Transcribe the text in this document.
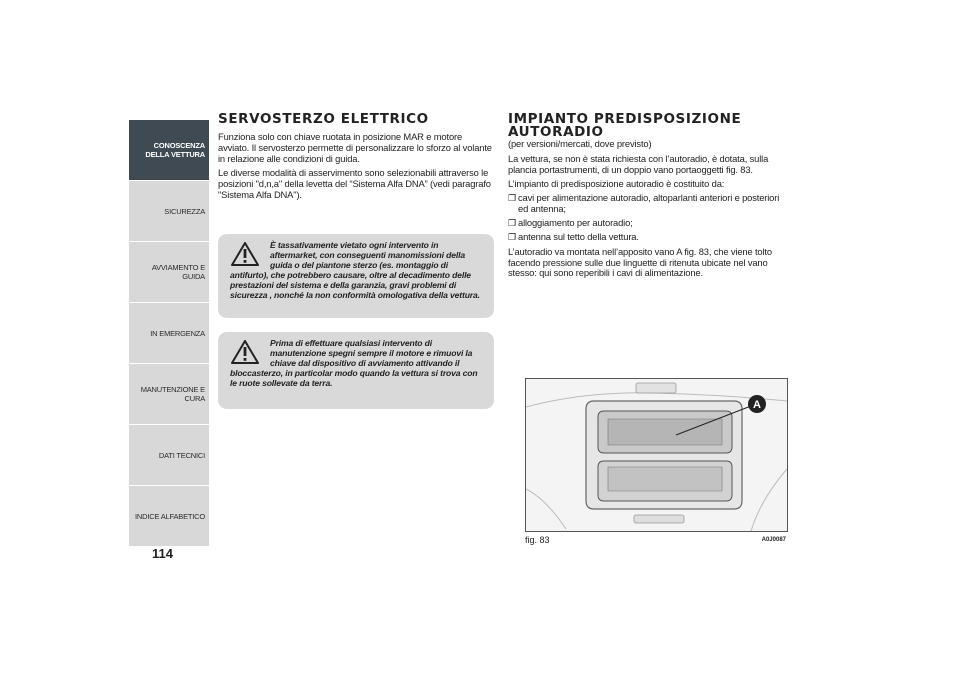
CONOSCENZA
DELLA VETTURA
SICUREZZA
AVVIAMENTO E
GUIDA
IN EMERGENZA
MANUTENZIONE E
CURA
DATI TECNICI
INDICE ALFABETICO
114
SERVOSTERZO ELETTRICO

Funziona solo con chiave ruotata in posizione MAR e motore avviato. Il servosterzo permette di personalizzare lo sforzo al volante in relazione alle condizioni di guida.

Le diverse modalità di asservimento sono selezionabili attraverso le posizioni "d,n,a" della levetta del “Sistema Alfa DNA” (vedi paragrafo "Sistema Alfa DNA").

È tassativamente vietato ogni intervento in aftermarket, con conseguenti manomissioni della guida o del piantone sterzo (es. montaggio di
antifurto), che potrebbero causare, oltre al decadimento delle prestazioni del sistema e della garanzia, gravi problemi di sicurezza , nonché la non conformità omologativa della vettura.
Prima di effettuare qualsiasi intervento di manutenzione spegni sempre il motore e rimuovi la chiave dal dispositivo di avviamento attivando il
bloccasterzo, in particolar modo quando la vettura si trova con le ruote sollevate da terra.
IMPIANTO PREDISPOSIZIONE AUTORADIO

(per versioni/mercati, dove previsto)

La vettura, se non è stata richiesta con l’autoradio, è dotata, sulla plancia portastrumenti, di un doppio vano portaoggetti fig. 83.

L’impianto di predisposizione autoradio è costituito da:

❒ cavi per alimentazione autoradio, altoparlanti anteriori e posteriori ed antenna;

❒ alloggiamento per autoradio;

❒ antenna sul tetto della vettura.

L’autoradio va montata nell’apposito vano A fig. 83, che viene tolto facendo pressione sulle due linguette di ritenuta ubicate nel vano stesso: qui sono reperibili i cavi di alimentazione.

A
fig. 83	A0J0087
